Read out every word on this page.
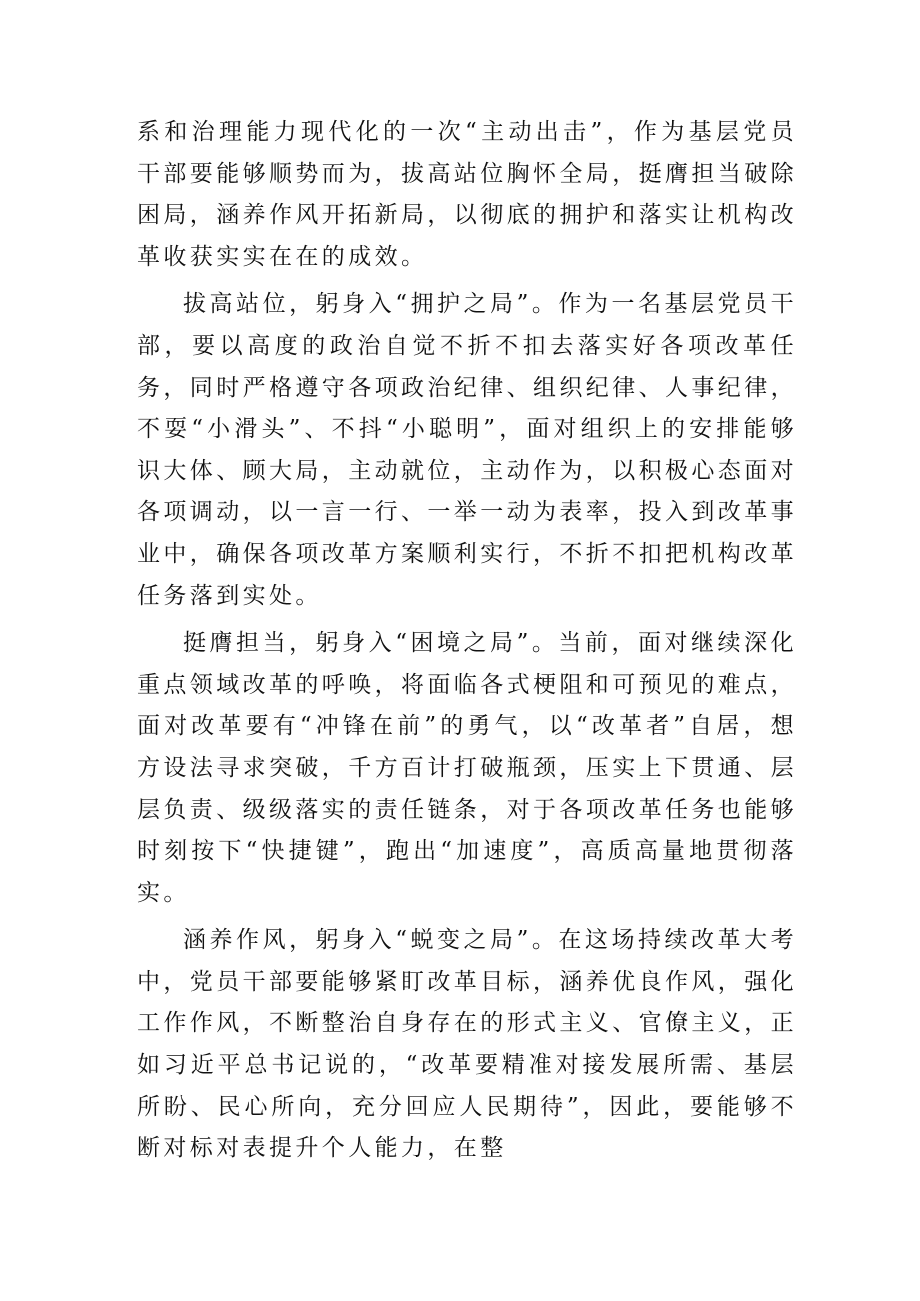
系和治理能力现代化的一次“主动出击”，作为基层党员干部要能够顺势而为，拔高站位胸怀全局，挺膺担当破除困局，涵养作风开拓新局，以彻底的拥护和落实让机构改革收获实实在在的成效。

拔高站位，躬身入“拥护之局”。作为一名基层党员干部，要以高度的政治自觉不折不扣去落实好各项改革任务，同时严格遵守各项政治纪律、组织纪律、人事纪律，不耍“小滑头”、不抖“小聪明”，面对组织上的安排能够识大体、顾大局，主动就位，主动作为，以积极心态面对各项调动，以一言一行、一举一动为表率，投入到改革事业中，确保各项改革方案顺利实行，不折不扣把机构改革任务落到实处。

挺膺担当，躬身入“困境之局”。当前，面对继续深化重点领域改革的呼唤，将面临各式梗阻和可预见的难点，面对改革要有“冲锋在前”的勇气，以“改革者”自居，想方设法寻求突破，千方百计打破瓶颈，压实上下贯通、层层负责、级级落实的责任链条，对于各项改革任务也能够时刻按下“快捷键”，跑出“加速度”，高质高量地贯彻落实。

涵养作风，躬身入“蜕变之局”。在这场持续改革大考中，党员干部要能够紧盯改革目标，涵养优良作风，强化工作作风，不断整治自身存在的形式主义、官僚主义，正如习近平总书记说的，“改革要精准对接发展所需、基层所盼、民心所向，充分回应人民期待”，因此，要能够不断对标对表提升个人能力，在整
